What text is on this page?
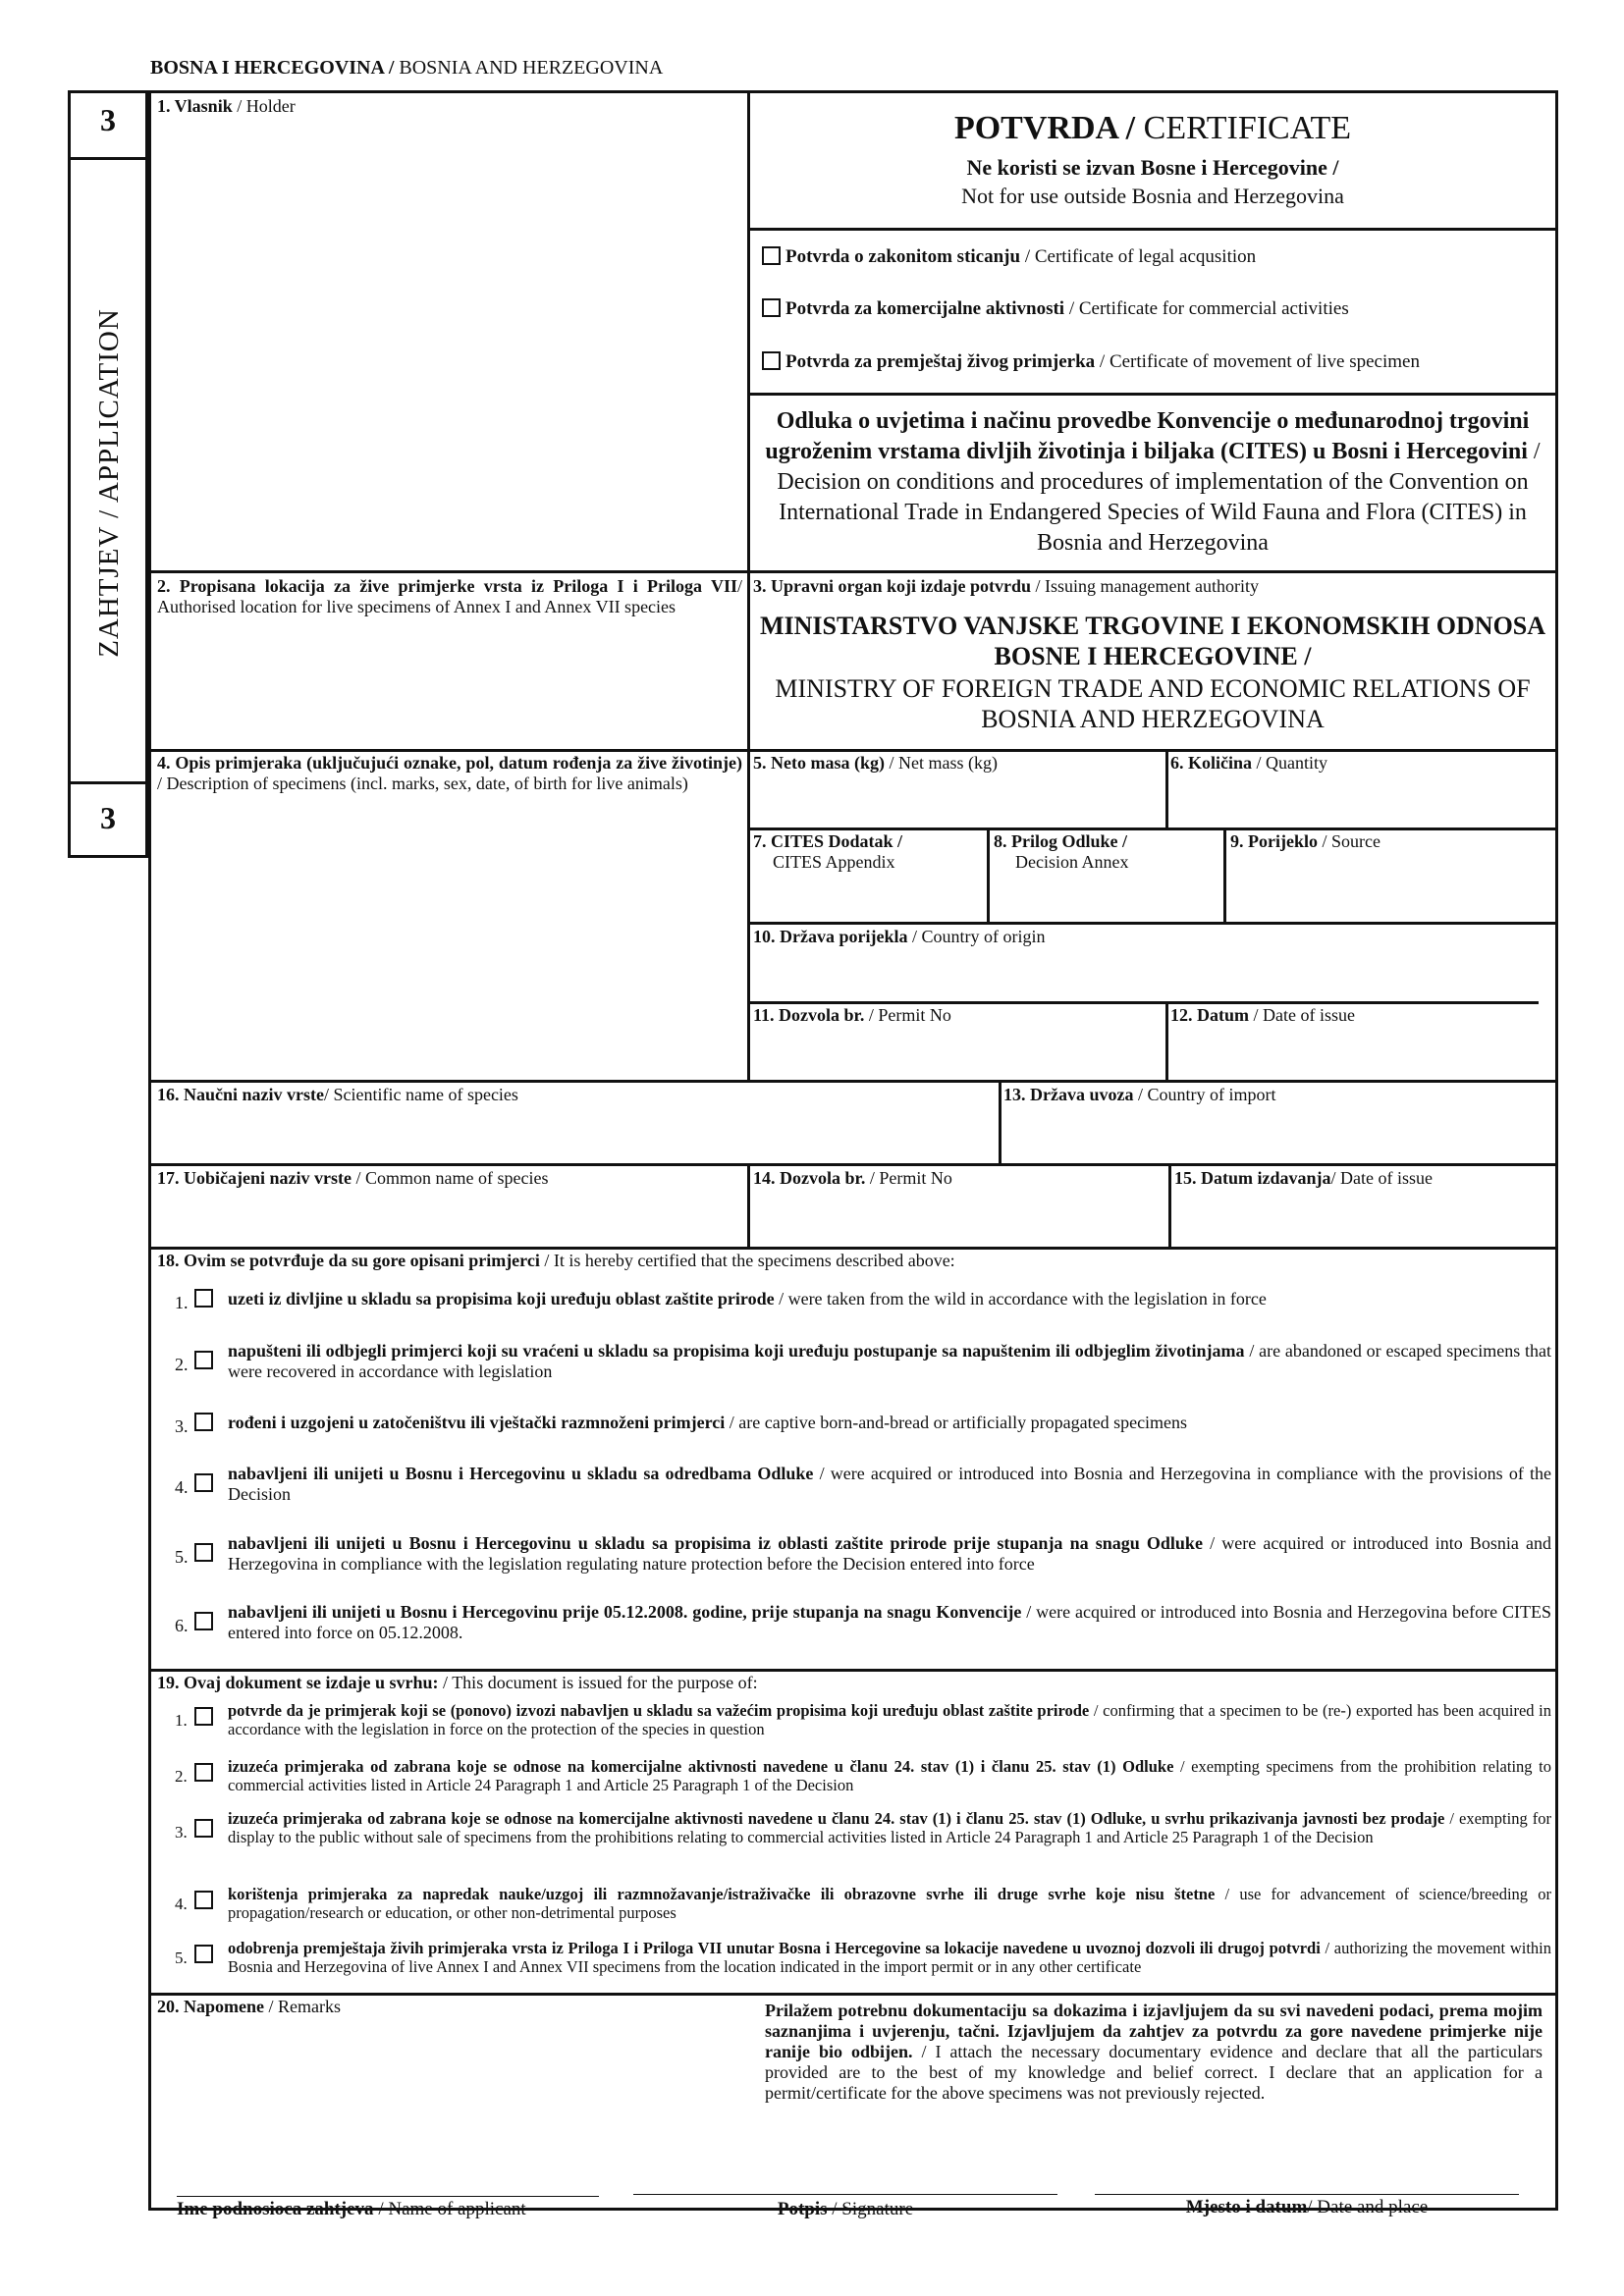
BOSNA I HERCEGOVINA / BOSNIA AND HERZEGOVINA
3
3
ZAHTJEV / APPLICATION
POTVRDA / CERTIFICATE
Ne koristi se izvan Bosne i Hercegovine /
Not for use outside Bosnia and Herzegovina
Potvrda o zakonitom sticanju / Certificate of legal acqusition
Potvrda za komercijalne aktivnosti / Certificate for commercial activities
Potvrda za premještaj živog primjerka / Certificate of movement of live specimen
Odluka o uvjetima i načinu provedbe Konvencije o međunarodnoj trgovini ugroženim vrstama divljih životinja i biljaka (CITES) u Bosni i Hercegovini / Decision on conditions and procedures of implementation of the Convention on International Trade in Endangered Species of Wild Fauna and Flora (CITES) in Bosnia and Herzegovina
1. Vlasnik / Holder
2. Propisana lokacija za žive primjerke vrsta iz Priloga I i Priloga VII/ Authorised location for live specimens of Annex I and Annex VII species
3. Upravni organ koji izdaje potvrdu / Issuing management authority
MINISTARSTVO VANJSKE TRGOVINE I EKONOMSKIH ODNOSA BOSNE I HERCEGOVINE /
MINISTRY OF FOREIGN TRADE AND ECONOMIC RELATIONS OF BOSNIA AND HERZEGOVINA
4. Opis primjeraka (uključujući oznake, pol, datum rođenja za žive životinje) / Description of specimens (incl. marks, sex, date, of birth for live animals)
5. Neto masa (kg) / Net mass (kg)	6. Količina / Quantity
7. CITES Dodatak /
CITES Appendix
8. Prilog Odluke /
Decision Annex
9. Porijeklo / Source
10. Država porijekla / Country of origin
11. Dozvola br. / Permit No	12. Datum / Date of issue
16. Naučni naziv vrste/ Scientific name of species	13. Država uvoza / Country of import
17. Uobičajeni naziv vrste / Common name of species	14. Dozvola br. / Permit No	15. Datum izdavanja/ Date of issue
18. Ovim se potvrđuje da su gore opisani primjerci / It is hereby certified that the specimens described above:
1. uzeti iz divljine u skladu sa propisima koji uređuju oblast zaštite prirode / were taken from the wild in accordance with the legislation in force
2.
napušteni ili odbjegli primjerci koji su vraćeni u skladu sa propisima koji uređuju postupanje sa napuštenim ili odbjeglim životinjama / are abandoned or escaped specimens that were recovered in accordance with legislation
3. rođeni i uzgojeni u zatočeništvu ili vještački razmnoženi primjerci / are captive born-and-bread or artificially propagated specimens
4.
nabavljeni ili unijeti u Bosnu i Hercegovinu u skladu sa odredbama Odluke / were acquired or introduced into Bosnia and Herzegovina in compliance with the provisions of the Decision
5.
nabavljeni ili unijeti u Bosnu i Hercegovinu u skladu sa propisima iz oblasti zaštite prirode prije stupanja na snagu Odluke / were acquired or introduced into Bosnia and Herzegovina in compliance with the legislation regulating nature protection before the Decision entered into force
6.
nabavljeni ili unijeti u Bosnu i Hercegovinu prije 05.12.2008. godine, prije stupanja na snagu Konvencije / were acquired or introduced into Bosnia and Herzegovina before CITES entered into force on 05.12.2008.
19. Ovaj dokument se izdaje u svrhu: / This document is issued for the purpose of:
1.
potvrde da je primjerak koji se (ponovo) izvozi nabavljen u skladu sa važećim propisima koji uređuju oblast zaštite prirode / confirming that a specimen to be (re-) exported has been acquired in accordance with the legislation in force on the protection of the species in question
2.
izuzeća primjeraka od zabrana koje se odnose na komercijalne aktivnosti navedene u članu 24. stav (1) i članu 25. stav (1) Odluke / exempting specimens from the prohibition relating to commercial activities listed in Article 24 Paragraph 1 and Article 25 Paragraph 1 of the Decision
3.
izuzeća primjeraka od zabrana koje se odnose na komercijalne aktivnosti navedene u članu 24. stav (1) i članu 25. stav (1) Odluke, u svrhu prikazivanja javnosti bez prodaje / exempting for display to the public without sale of specimens from the prohibitions relating to commercial activities listed in Article 24 Paragraph 1 and Article 25 Paragraph 1 of the Decision
4.
korištenja primjeraka za napredak nauke/uzgoj ili razmnožavanje/istraživačke ili obrazovne svrhe ili druge svrhe koje nisu štetne / use for advancement of science/breeding or propagation/research or education, or other non-detrimental purposes
5.
odobrenja premještaja živih primjeraka vrsta iz Priloga I i Priloga VII unutar Bosna i Hercegovine sa lokacije navedene u uvoznoj dozvoli ili drugoj potvrdi / authorizing the movement within Bosnia and Herzegovina of live Annex I and Annex VII specimens from the location indicated in the import permit or in any other certificate
20. Napomene / Remarks	Prilažem potrebnu dokumentaciju sa dokazima i izjavljujem da su svi navedeni podaci, prema mojim saznanjima i uvjerenju, tačni. Izjavljujem da zahtjev za potvrdu za gore navedene primjerke nije ranije bio odbijen. / I attach the necessary documentary evidence and declare that all the particulars provided are to the best of my knowledge and belief correct. I declare that an application for a permit/certificate for the above specimens was not previously rejected.
Ime podnosioca zahtjeva / Name of applicant	Potpis / Signature	Mjesto i datum/ Date and place
